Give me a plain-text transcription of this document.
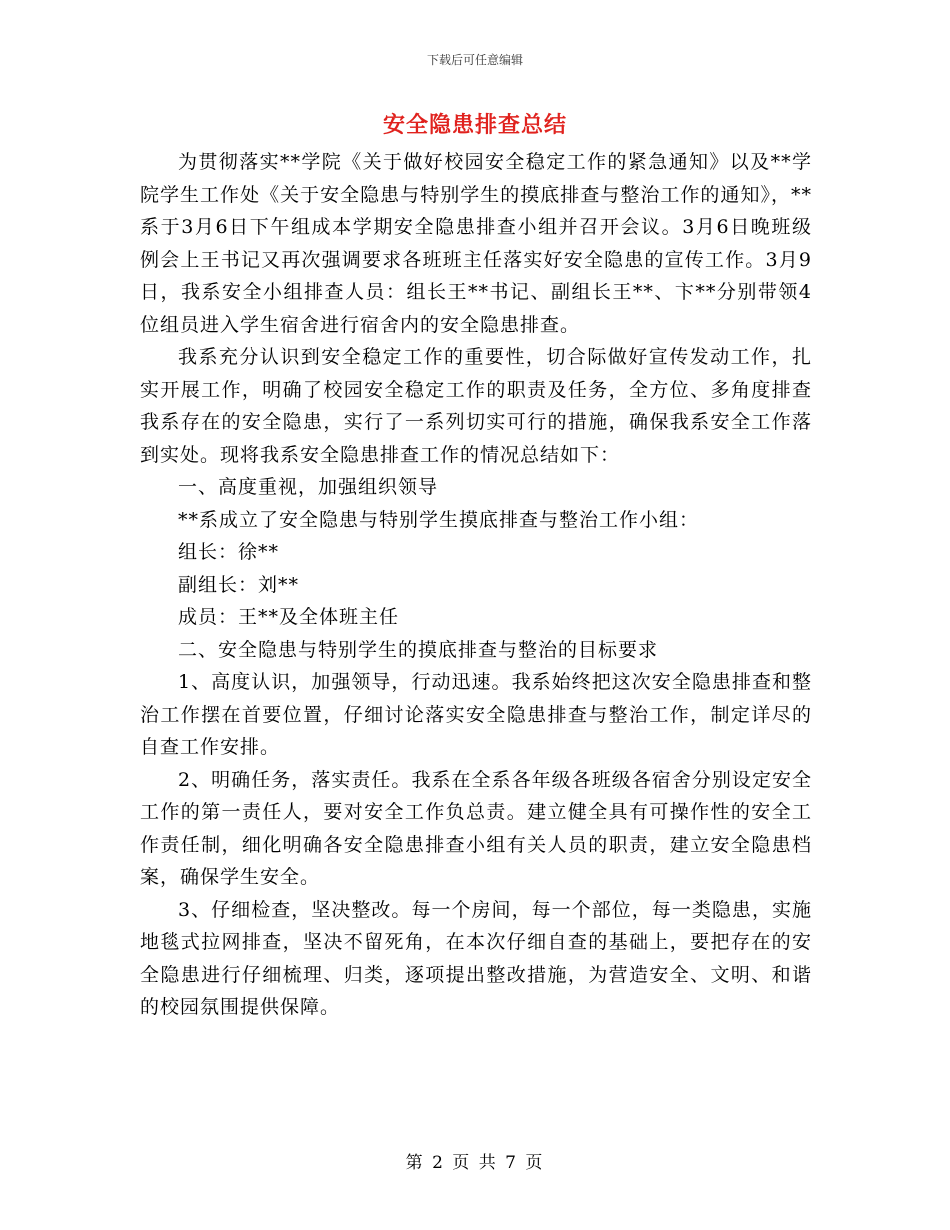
下载后可任意编辑
安全隐患排查总结

为贯彻落实**学院《关于做好校园安全稳定工作的紧急通知》以及**学院学生工作处《关于安全隐患与特别学生的摸底排查与整治工作的通知》，**系于3月6日下午组成本学期安全隐患排查小组并召开会议。3月6日晚班级例会上王书记又再次强调要求各班班主任落实好安全隐患的宣传工作。3月9日，我系安全小组排查人员：组长王**书记、副组长王**、卞**分别带领4位组员进入学生宿舍进行宿舍内的安全隐患排查。

我系充分认识到安全稳定工作的重要性，切合际做好宣传发动工作，扎实开展工作，明确了校园安全稳定工作的职责及任务，全方位、多角度排查我系存在的安全隐患，实行了一系列切实可行的措施，确保我系安全工作落到实处。现将我系安全隐患排查工作的情况总结如下：

一、高度重视，加强组织领导

**系成立了安全隐患与特别学生摸底排查与整治工作小组：

组长：徐**

副组长：刘**

成员：王**及全体班主任

二、安全隐患与特别学生的摸底排查与整治的目标要求

1、高度认识，加强领导，行动迅速。我系始终把这次安全隐患排查和整治工作摆在首要位置，仔细讨论落实安全隐患排查与整治工作，制定详尽的自查工作安排。

2、明确任务，落实责任。我系在全系各年级各班级各宿舍分别设定安全工作的第一责任人，要对安全工作负总责。建立健全具有可操作性的安全工作责任制，细化明确各安全隐患排查小组有关人员的职责，建立安全隐患档案，确保学生安全。

3、仔细检查，坚决整改。每一个房间，每一个部位，每一类隐患，实施地毯式拉网排查，坚决不留死角，在本次仔细自查的基础上，要把存在的安全隐患进行仔细梳理、归类，逐项提出整改措施，为营造安全、文明、和谐的校园氛围提供保障。

第 2 页 共 7 页
